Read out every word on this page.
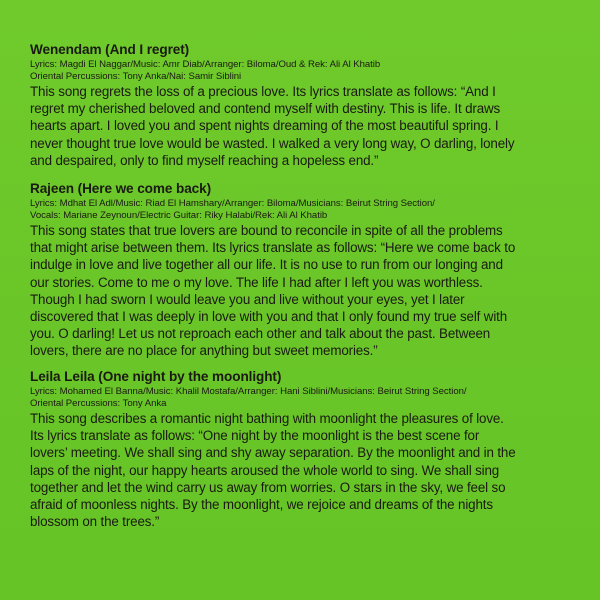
Wenendam (And I regret)
Lyrics: Magdi El Naggar/Music: Amr Diab/Arranger: Biloma/Oud & Rek: Ali Al Khatib
Oriental Percussions: Tony Anka/Nai: Samir Siblini
This song regrets the loss of a precious love. Its lyrics translate as follows: “And I
regret my cherished beloved and contend myself with destiny. This is life. It draws
hearts apart. I loved you and spent nights dreaming of the most beautiful spring. I
never thought true love would be wasted. I walked a very long way, O darling, lonely
and despaired, only to find myself reaching a hopeless end.”
Rajeen (Here we come back)
Lyrics: Mdhat El Adl/Music: Riad El Hamshary/Arranger: Biloma/Musicians: Beirut String Section/
Vocals: Mariane Zeynoun/Electric Guitar: Riky Halabi/Rek: Ali Al Khatib
This song states that true lovers are bound to reconcile in spite of all the problems
that might arise between them. Its lyrics translate as follows: “Here we come back to
indulge in love and live together all our life. It is no use to run from our longing and
our stories. Come to me o my love. The life I had after I left you was worthless.
Though I had sworn I would leave you and live without your eyes, yet I later
discovered that I was deeply in love with you and that I only found my true self with
you. O darling! Let us not reproach each other and talk about the past. Between
lovers, there are no place for anything but sweet memories.”
Leila Leila (One night by the moonlight)
Lyrics: Mohamed El Banna/Music: Khalil Mostafa/Arranger: Hani Siblini/Musicians: Beirut String Section/
Oriental Percussions: Tony Anka
This song describes a romantic night bathing with moonlight the pleasures of love.
Its lyrics translate as follows: “One night by the moonlight is the best scene for
lovers’ meeting. We shall sing and shy away separation. By the moonlight and in the
laps of the night, our happy hearts aroused the whole world to sing. We shall sing
together and let the wind carry us away from worries. O stars in the sky, we feel so
afraid of moonless nights. By the moonlight, we rejoice and dreams of the nights
blossom on the trees.”
